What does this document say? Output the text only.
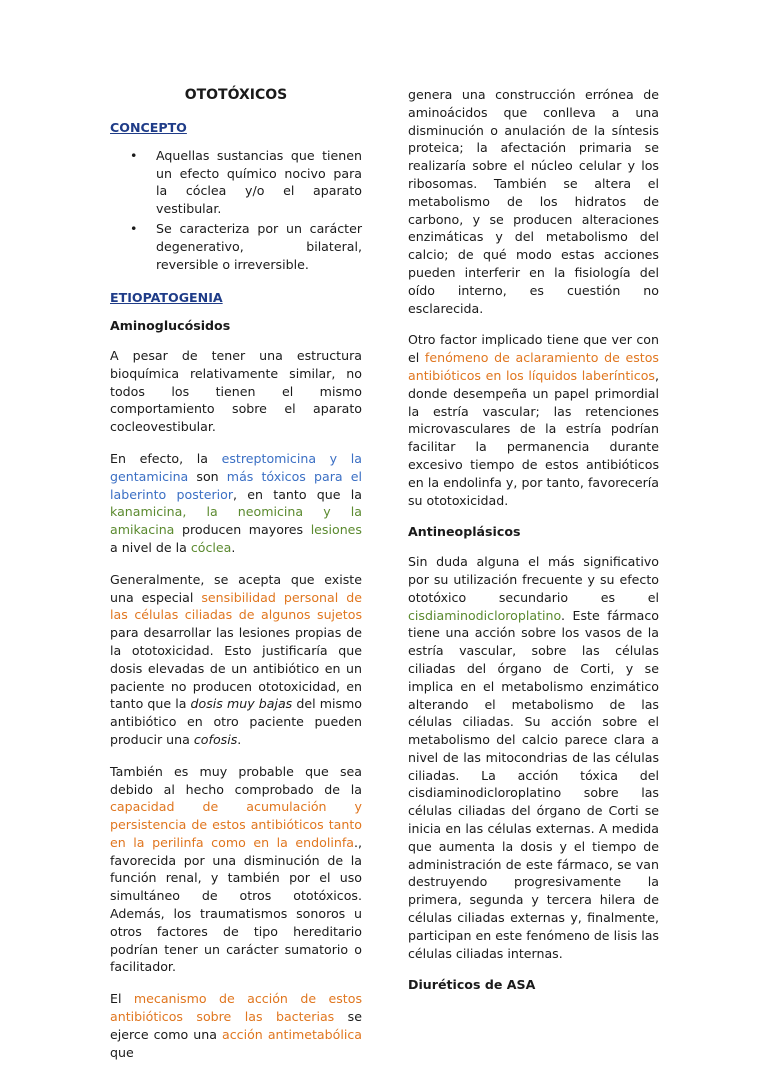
OTOTÓXICOS
CONCEPTO
• Aquellas sustancias que tienen un efecto químico nocivo para la cóclea y/o el aparato vestibular.
• Se caracteriza por un carácter degenerativo, bilateral, reversible o irreversible.
ETIOPATOGENIA
Aminoglucósidos

A pesar de tener una estructura bioquímica relativamente similar, no todos los tienen el mismo comportamiento sobre el aparato cocleovestibular.

En efecto, la estreptomicina y la gentamicina son más tóxicos para el laberinto posterior, en tanto que la kanamicina, la neomicina y la amikacina producen mayores lesiones a nivel de la cóclea.

Generalmente, se acepta que existe una especial sensibilidad personal de las células ciliadas de algunos sujetos para desarrollar las lesiones propias de la ototoxicidad. Esto justificaría que dosis elevadas de un antibiótico en un paciente no producen ototoxicidad, en tanto que la dosis muy bajas del mismo antibiótico en otro paciente pueden producir una cofosis.

También es muy probable que sea debido al hecho comprobado de la capacidad de acumulación y persistencia de estos antibióticos tanto en la perilinfa como en la endolinfa., favorecida por una disminución de la función renal, y también por el uso simultáneo de otros ototóxicos. Además, los traumatismos sonoros u otros factores de tipo hereditario podrían tener un carácter sumatorio o facilitador.

El mecanismo de acción de estos antibióticos sobre las bacterias se ejerce como una acción antimetabólica que

genera una construcción errónea de aminoácidos que conlleva a una disminución o anulación de la síntesis proteica; la afectación primaria se realizaría sobre el núcleo celular y los ribosomas. También se altera el metabolismo de los hidratos de carbono, y se producen alteraciones enzimáticas y del metabolismo del calcio; de qué modo estas acciones pueden interferir en la fisiología del oído interno, es cuestión no esclarecida.

Otro factor implicado tiene que ver con el fenómeno de aclaramiento de estos antibióticos en los líquidos laberínticos, donde desempeña un papel primordial la estría vascular; las retenciones microvasculares de la estría podrían facilitar la permanencia durante excesivo tiempo de estos antibióticos en la endolinfa y, por tanto, favorecería su ototoxicidad.

Antineoplásicos

Sin duda alguna el más significativo por su utilización frecuente y su efecto ototóxico secundario es el cisdiaminodicloroplatino. Este fármaco tiene una acción sobre los vasos de la estría vascular, sobre las células ciliadas del órgano de Corti, y se implica en el metabolismo enzimático alterando el metabolismo de las células ciliadas. Su acción sobre el metabolismo del calcio parece clara a nivel de las mitocondrias de las células ciliadas. La acción tóxica del cisdiaminodicloroplatino sobre las células ciliadas del órgano de Corti se inicia en las células externas. A medida que aumenta la dosis y el tiempo de administración de este fármaco, se van destruyendo progresivamente la primera, segunda y tercera hilera de células ciliadas externas y, finalmente, participan en este fenómeno de lisis las células ciliadas internas.

Diuréticos de ASA
